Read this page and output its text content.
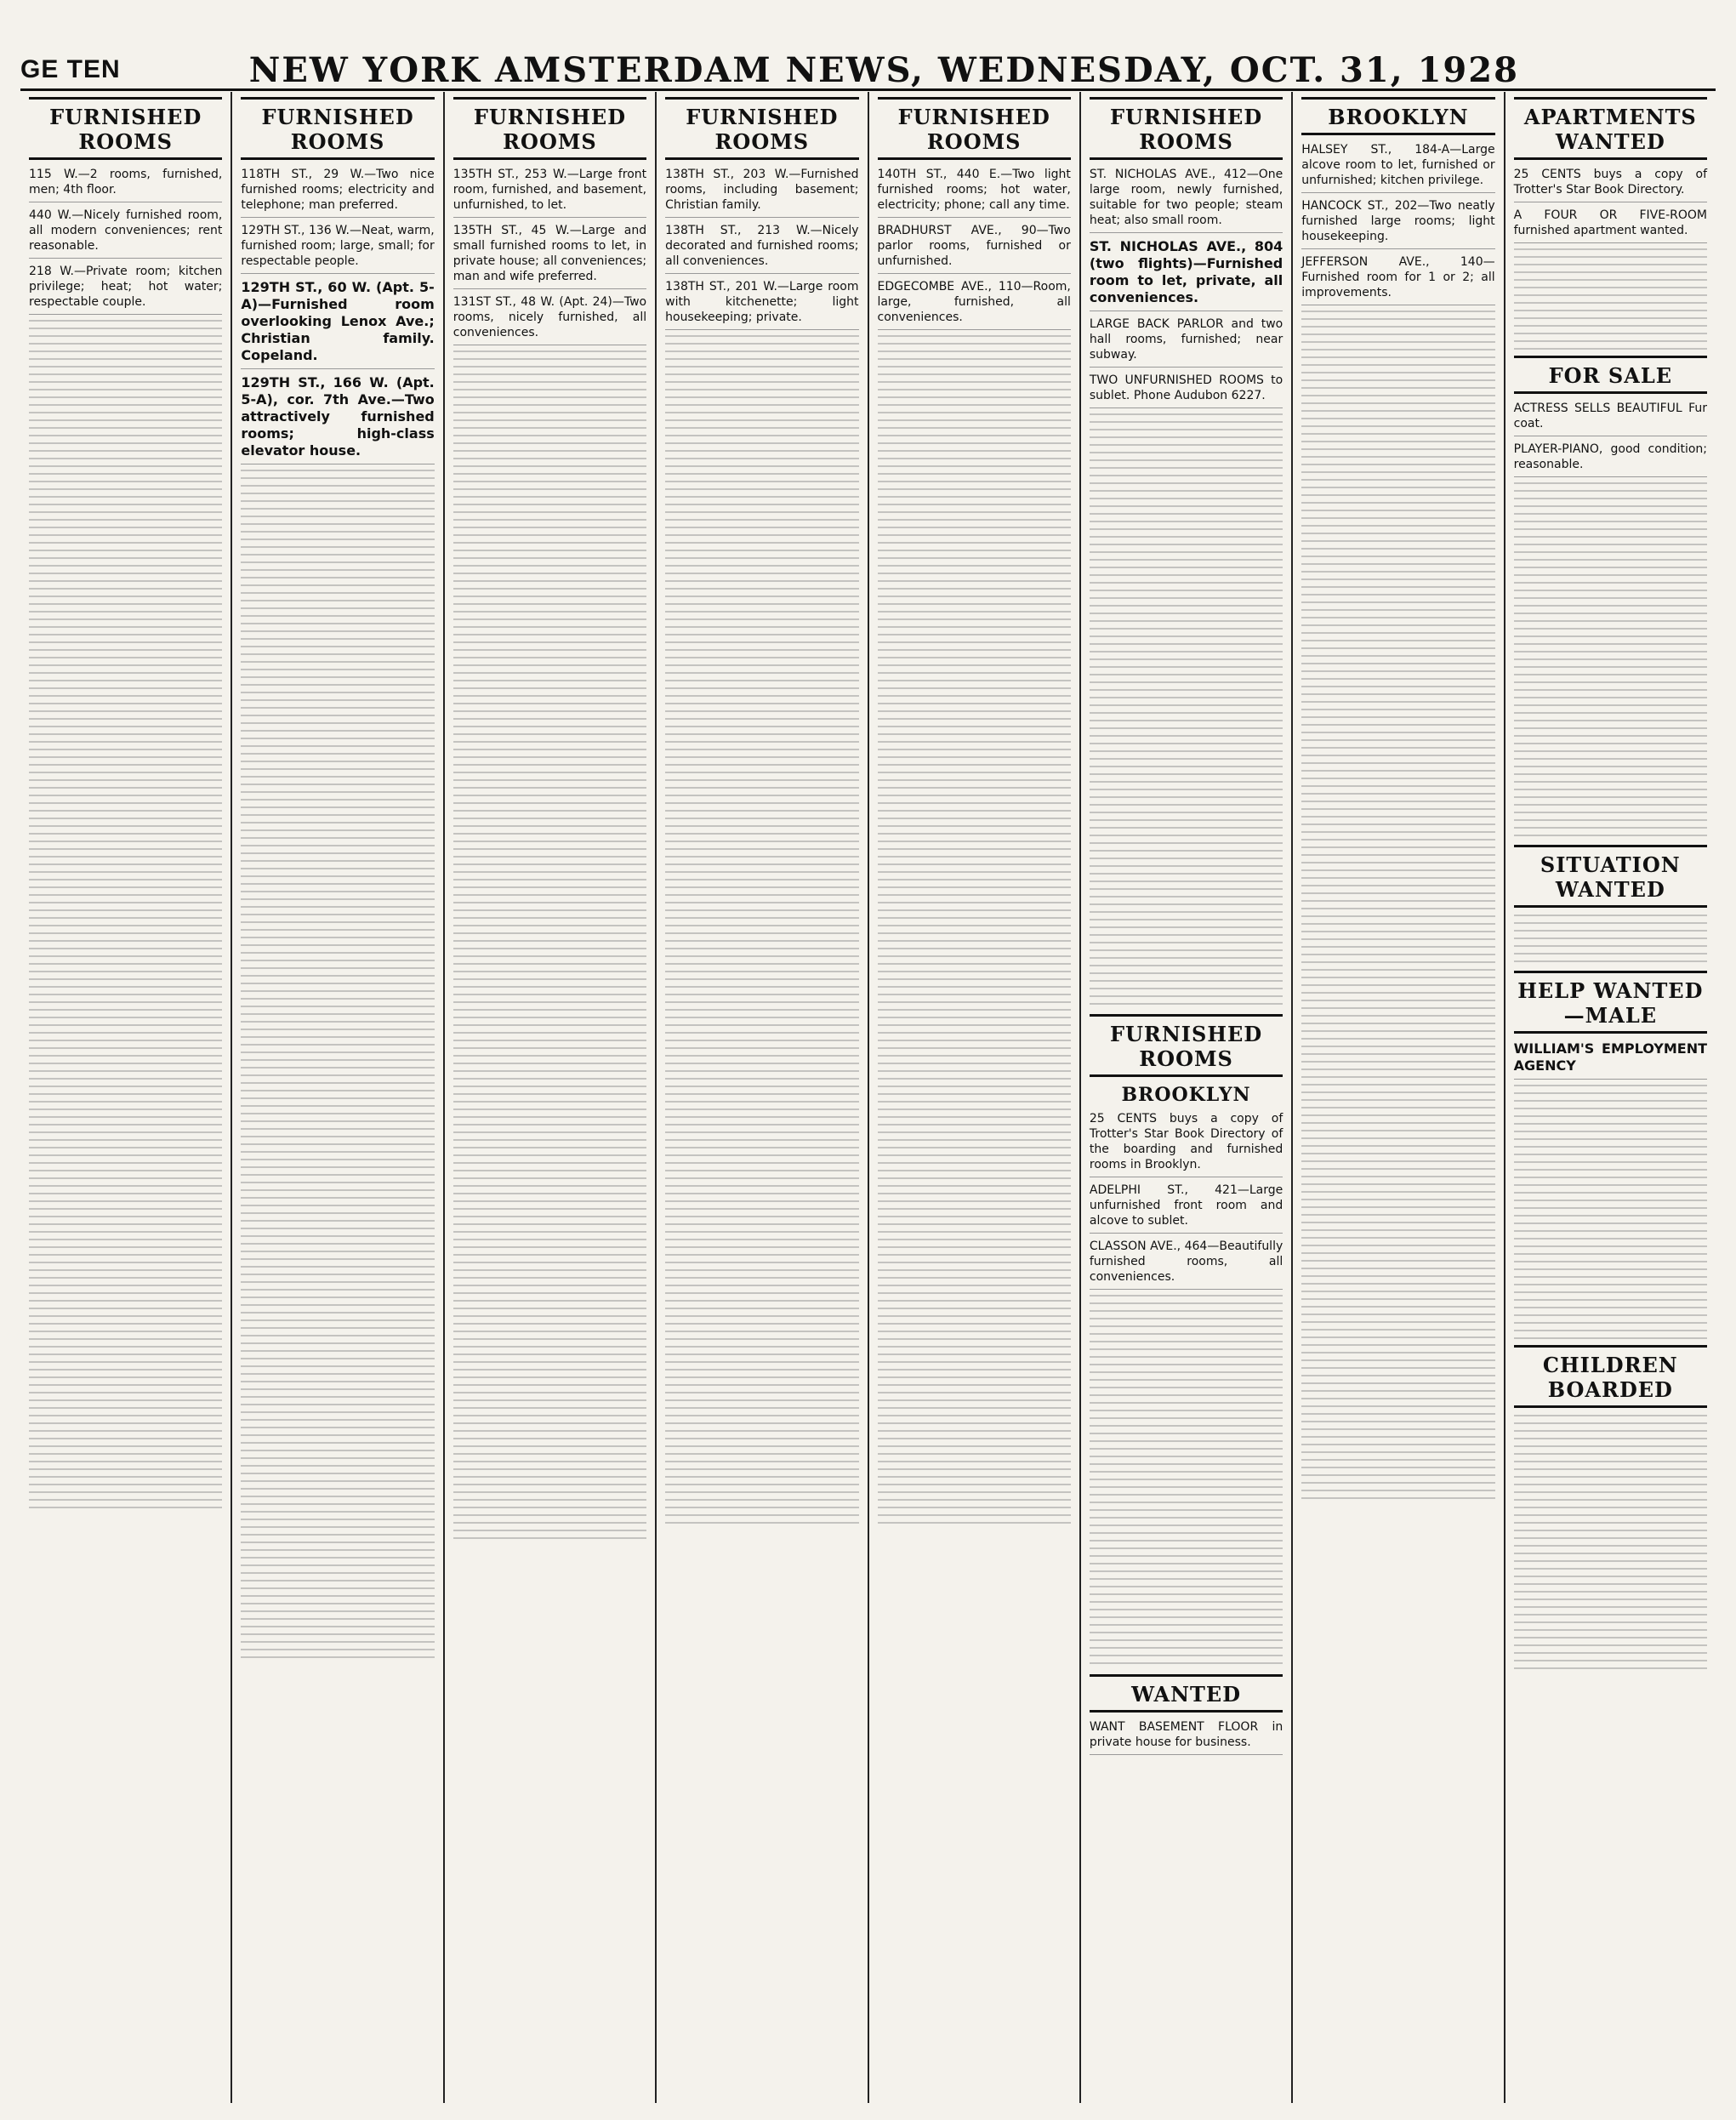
GE TEN	NEW YORK AMSTERDAM NEWS, WEDNESDAY, OCT. 31, 1928
FURNISHED ROOMS
115 W.—2 rooms, furnished, men; 4th floor.
440 W.—Nicely furnished room, all modern conveniences; rent reasonable.
218 W.—Private room; kitchen privilege; heat; hot water; respectable couple.
FURNISHED ROOMS
118TH ST., 29 W.—Two nice furnished rooms; electricity and telephone; man preferred.
129TH ST., 136 W.—Neat, warm, furnished room; large, small; for respectable people.
129TH ST., 60 W. (Apt. 5-A)—Furnished room overlooking Lenox Ave.; Christian family. Copeland.
129TH ST., 166 W. (Apt. 5-A), cor. 7th Ave.—Two attractively furnished rooms; high-class elevator house.
FURNISHED ROOMS
135TH ST., 253 W.—Large front room, furnished, and basement, unfurnished, to let.
135TH ST., 45 W.—Large and small furnished rooms to let, in private house; all conveniences; man and wife preferred.
131ST ST., 48 W. (Apt. 24)—Two rooms, nicely furnished, all conveniences.
FURNISHED ROOMS
138TH ST., 203 W.—Furnished rooms, including basement; Christian family.
138TH ST., 213 W.—Nicely decorated and furnished rooms; all conveniences.
138TH ST., 201 W.—Large room with kitchenette; light housekeeping; private.
FURNISHED ROOMS
140TH ST., 440 E.—Two light furnished rooms; hot water, electricity; phone; call any time.
BRADHURST AVE., 90—Two parlor rooms, furnished or unfurnished.
EDGECOMBE AVE., 110—Room, large, furnished, all conveniences.
FURNISHED ROOMS
ST. NICHOLAS AVE., 412—One large room, newly furnished, suitable for two people; steam heat; also small room.
ST. NICHOLAS AVE., 804 (two flights)—Furnished room to let, private, all conveniences.
LARGE BACK PARLOR and two hall rooms, furnished; near subway.
TWO UNFURNISHED ROOMS to sublet. Phone Audubon 6227.
FURNISHED ROOMS
BROOKLYN
25 CENTS buys a copy of Trotter's Star Book Directory of the boarding and furnished rooms in Brooklyn.
ADELPHI ST., 421—Large unfurnished front room and alcove to sublet.
CLASSON AVE., 464—Beautifully furnished rooms, all conveniences.
WANTED
WANT BASEMENT FLOOR in private house for business.
BROOKLYN
HALSEY ST., 184-A—Large alcove room to let, furnished or unfurnished; kitchen privilege.
HANCOCK ST., 202—Two neatly furnished large rooms; light housekeeping.
JEFFERSON AVE., 140—Furnished room for 1 or 2; all improvements.
APARTMENTS WANTED
25 CENTS buys a copy of Trotter's Star Book Directory.
A FOUR OR FIVE-ROOM furnished apartment wanted.
FOR SALE
ACTRESS SELLS BEAUTIFUL Fur coat.
PLAYER-PIANO, good condition; reasonable.
SITUATION WANTED
HELP WANTED—MALE
WILLIAM'S EMPLOYMENT AGENCY
CHILDREN BOARDED
